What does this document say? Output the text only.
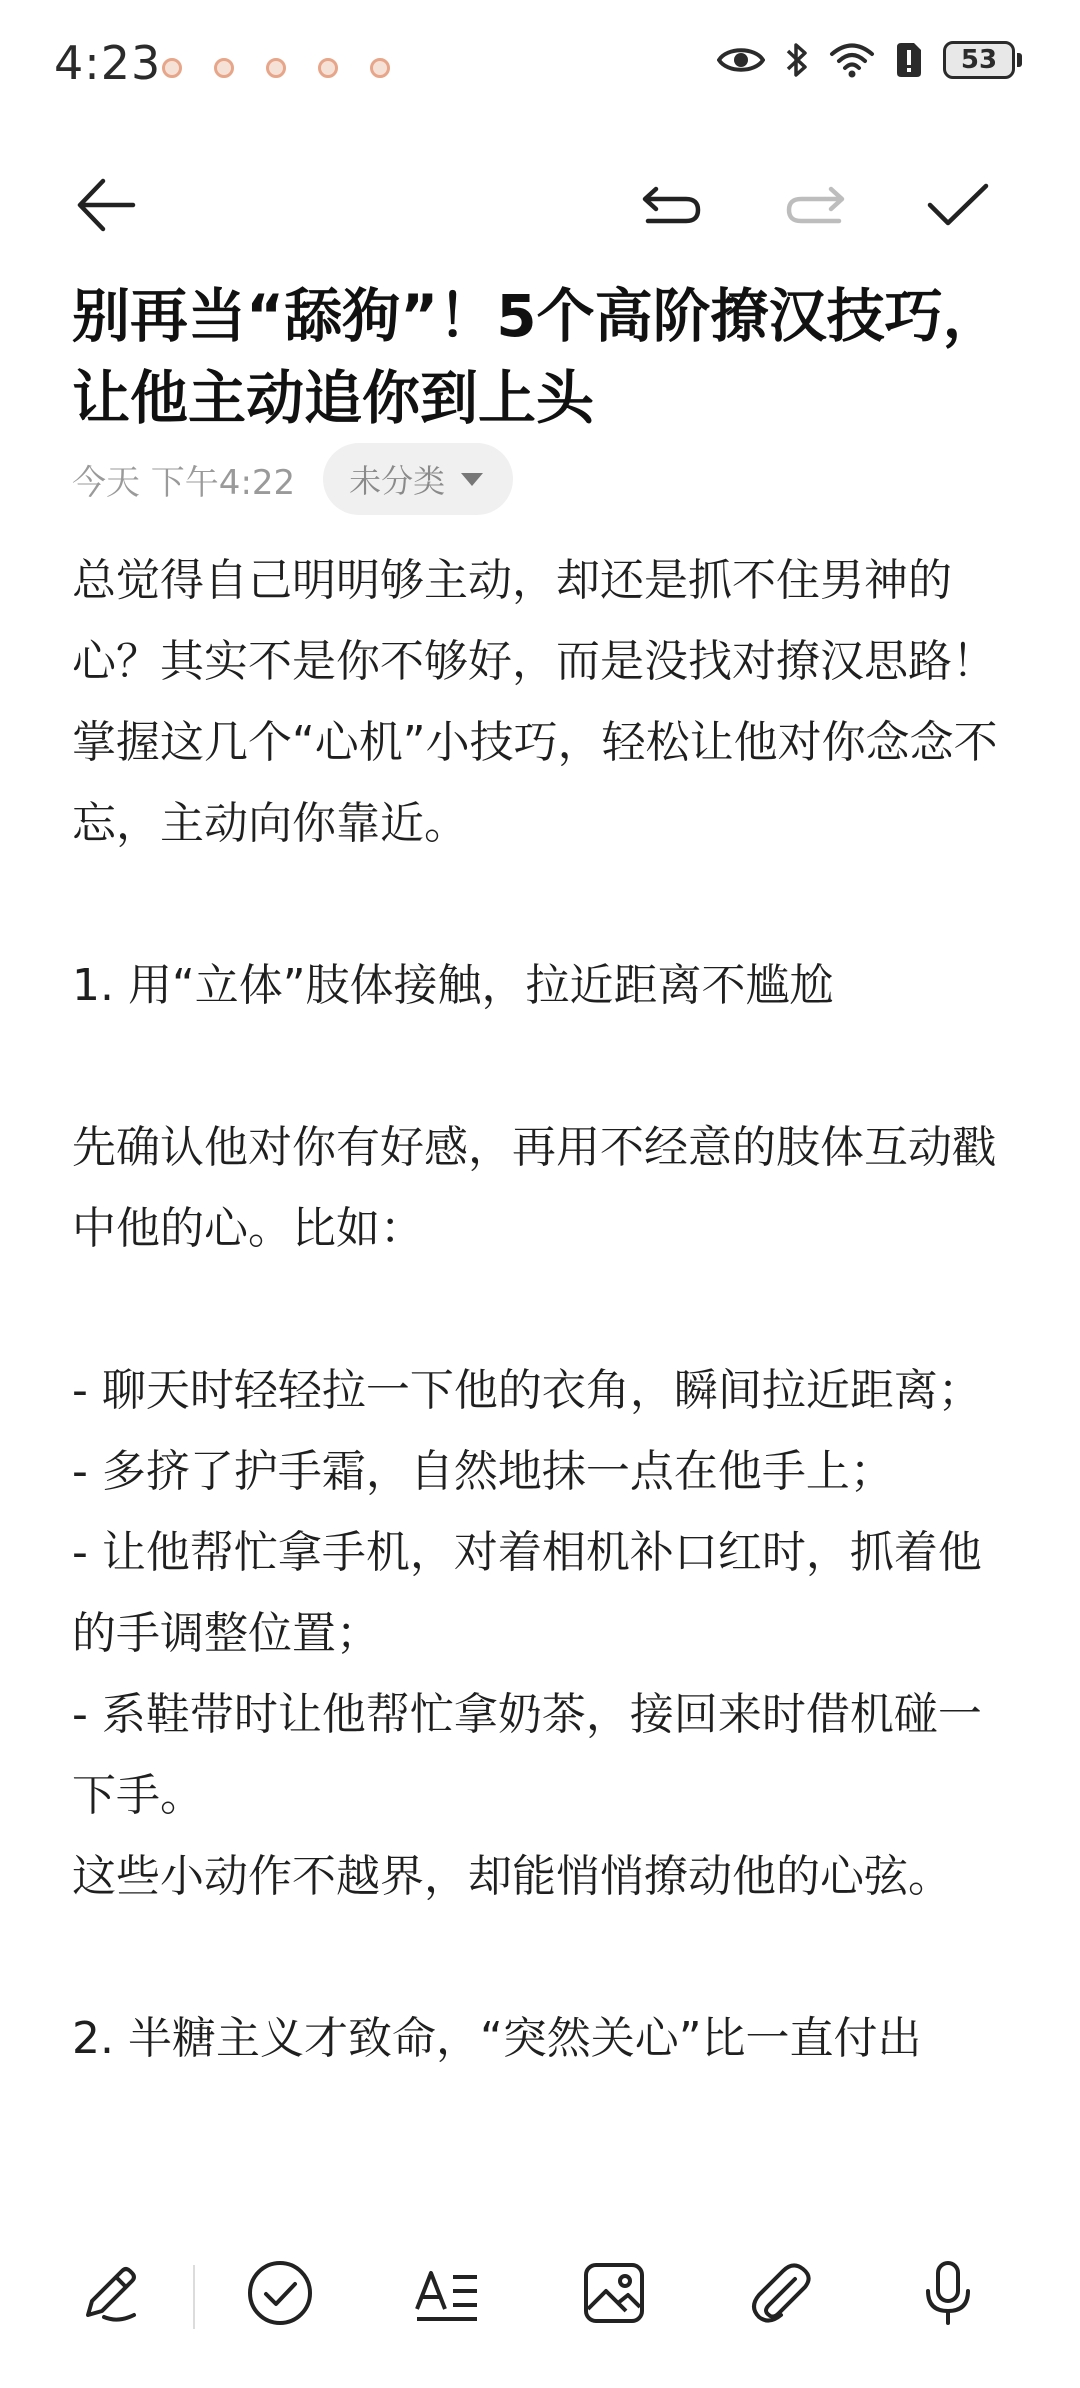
4:23	53
别再当“舔狗”！5个高阶撩汉技巧，让他主动追你到上头
今天 下午4:22 未分类

总觉得自己明明够主动，却还是抓不住男神的心？其实不是你不够好，而是没找对撩汉思路！掌握这几个“心机”小技巧，轻松让他对你念念不忘，主动向你靠近。

1. 用“立体”肢体接触，拉近距离不尴尬

先确认他对你有好感，再用不经意的肢体互动戳中他的心。比如：

- 聊天时轻轻拉一下他的衣角，瞬间拉近距离；

- 多挤了护手霜，自然地抹一点在他手上；

- 让他帮忙拿手机，对着相机补口红时，抓着他的手调整位置；

- 系鞋带时让他帮忙拿奶茶，接回来时借机碰一下手。

这些小动作不越界，却能悄悄撩动他的心弦。

2. 半糖主义才致命，“突然关心”比一直付出
